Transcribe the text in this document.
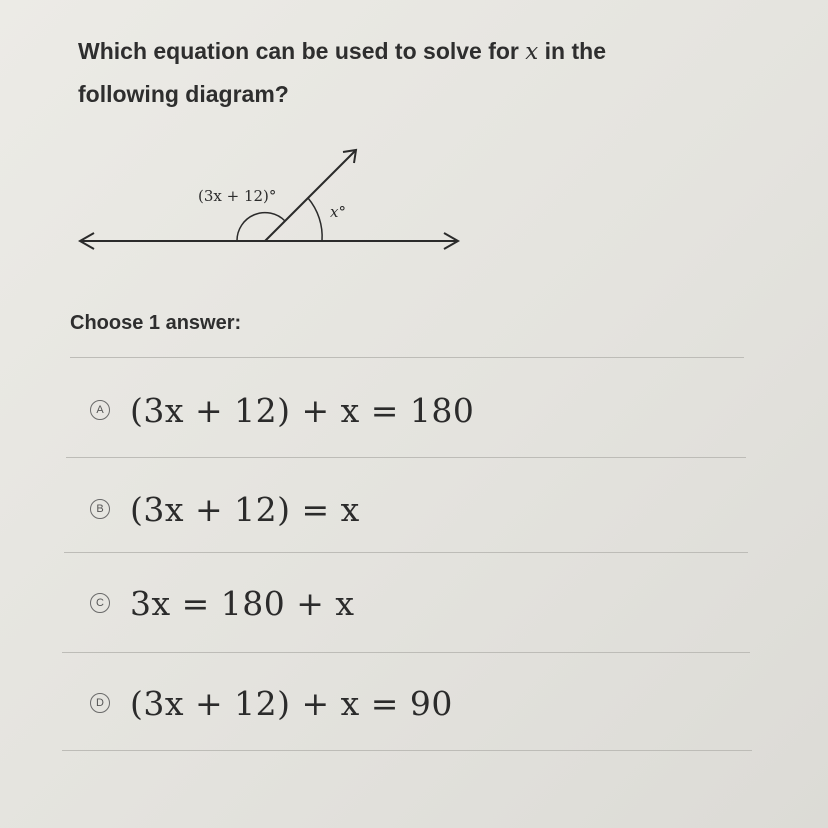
Which equation can be used to solve for x in the following diagram?
(3x + 12)°
x°
Choose 1 answer:
A (3x + 12) + x = 180
B (3x + 12) = x
C 3x = 180 + x
D (3x + 12) + x = 90
